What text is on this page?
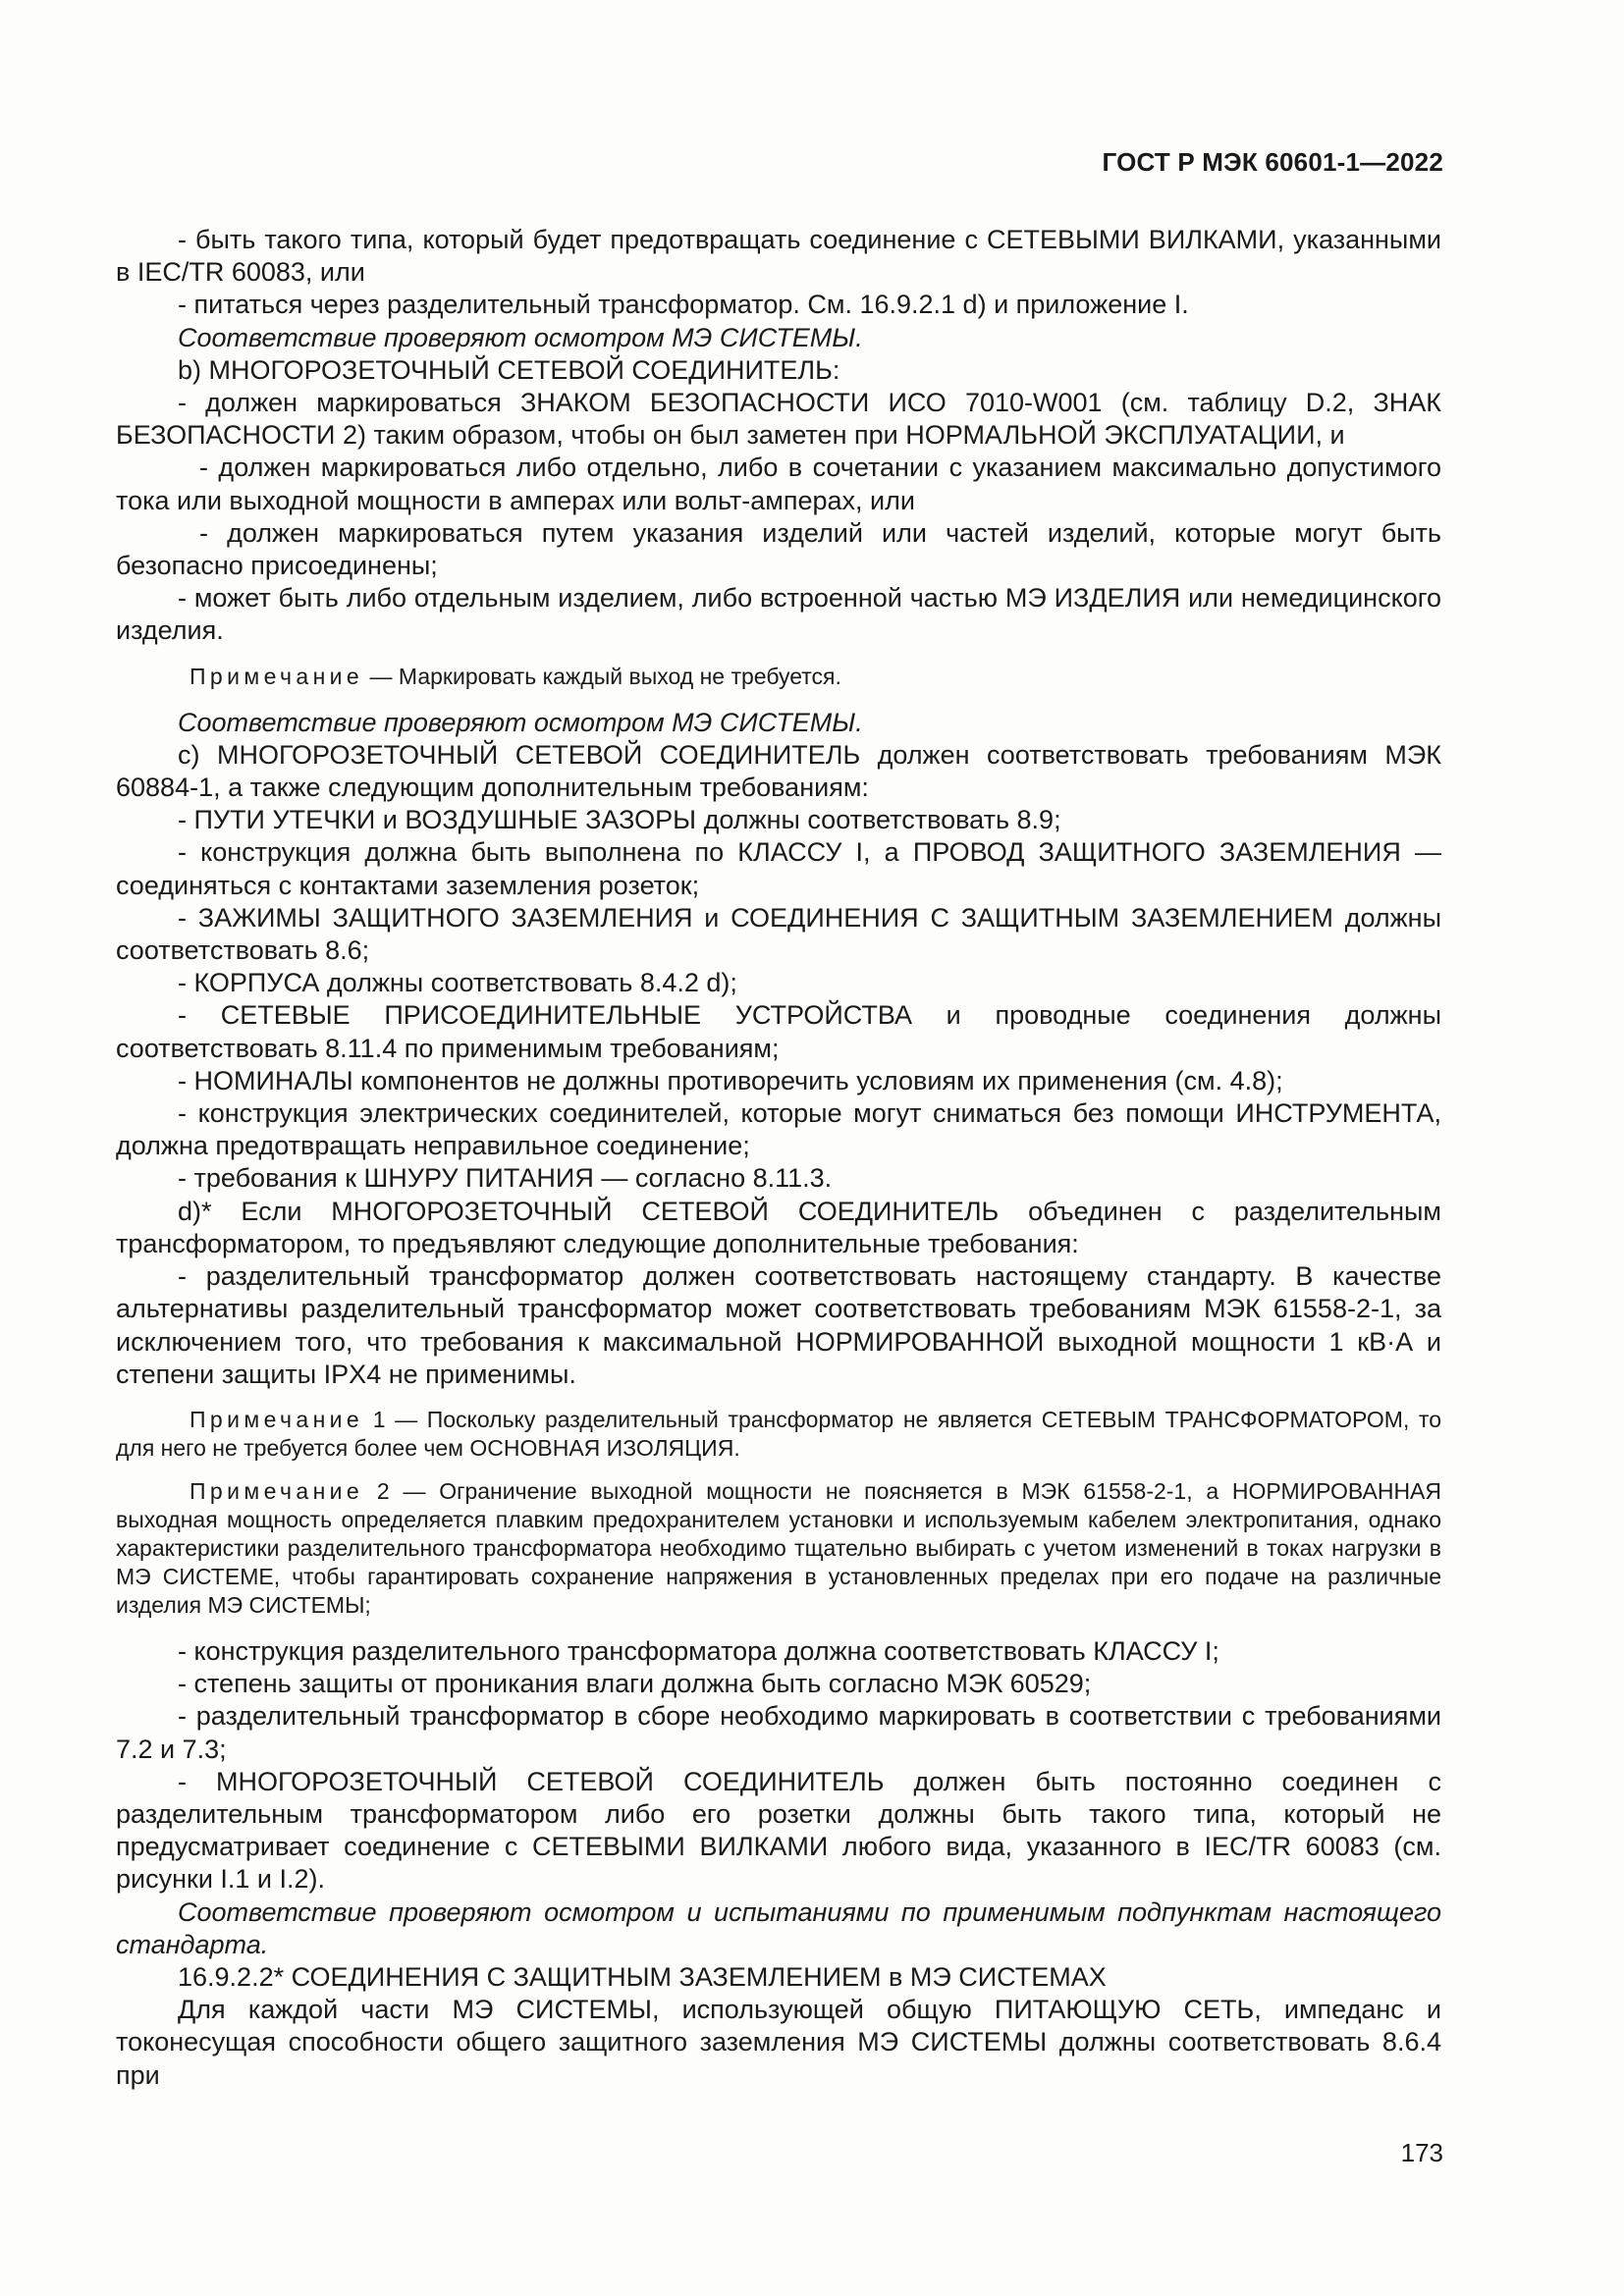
ГОСТ Р МЭК 60601-1—2022

- быть такого типа, который будет предотвращать соединение с СЕТЕВЫМИ ВИЛКАМИ, указанными в IEC/TR 60083, или

- питаться через разделительный трансформатор. См. 16.9.2.1 d) и приложение I.

Соответствие проверяют осмотром МЭ СИСТЕМЫ.

b) МНОГОРОЗЕТОЧНЫЙ СЕТЕВОЙ СОЕДИНИТЕЛЬ:

- должен маркироваться ЗНАКОМ БЕЗОПАСНОСТИ ИСО 7010-W001 (см. таблицу D.2, ЗНАК БЕЗОПАСНОСТИ 2) таким образом, чтобы он был заметен при НОРМАЛЬНОЙ ЭКСПЛУАТАЦИИ, и

- должен маркироваться либо отдельно, либо в сочетании с указанием максимально допустимого тока или выходной мощности в амперах или вольт-амперах, или

- должен маркироваться путем указания изделий или частей изделий, которые могут быть безопасно присоединены;

- может быть либо отдельным изделием, либо встроенной частью МЭ ИЗДЕЛИЯ или немедицинского изделия.

Примечание — Маркировать каждый выход не требуется.

Соответствие проверяют осмотром МЭ СИСТЕМЫ.

c) МНОГОРОЗЕТОЧНЫЙ СЕТЕВОЙ СОЕДИНИТЕЛЬ должен соответствовать требованиям МЭК 60884-1, а также следующим дополнительным требованиям:

- ПУТИ УТЕЧКИ и ВОЗДУШНЫЕ ЗАЗОРЫ должны соответствовать 8.9;

- конструкция должна быть выполнена по КЛАССУ I, а ПРОВОД ЗАЩИТНОГО ЗАЗЕМЛЕНИЯ — соединяться с контактами заземления розеток;

- ЗАЖИМЫ ЗАЩИТНОГО ЗАЗЕМЛЕНИЯ и СОЕДИНЕНИЯ С ЗАЩИТНЫМ ЗАЗЕМЛЕНИЕМ должны соответствовать 8.6;

- КОРПУСА должны соответствовать 8.4.2 d);

- СЕТЕВЫЕ ПРИСОЕДИНИТЕЛЬНЫЕ УСТРОЙСТВА и проводные соединения должны соответствовать 8.11.4 по применимым требованиям;

- НОМИНАЛЫ компонентов не должны противоречить условиям их применения (см. 4.8);

- конструкция электрических соединителей, которые могут сниматься без помощи ИНСТРУМЕНТА, должна предотвращать неправильное соединение;

- требования к ШНУРУ ПИТАНИЯ — согласно 8.11.3.

d)* Если МНОГОРОЗЕТОЧНЫЙ СЕТЕВОЙ СОЕДИНИТЕЛЬ объединен с разделительным трансформатором, то предъявляют следующие дополнительные требования:

- разделительный трансформатор должен соответствовать настоящему стандарту. В качестве альтернативы разделительный трансформатор может соответствовать требованиям МЭК 61558-2-1, за исключением того, что требования к максимальной НОРМИРОВАННОЙ выходной мощности 1 кВ·А и степени защиты IPX4 не применимы.

Примечание 1 — Поскольку разделительный трансформатор не является СЕТЕВЫМ ТРАНСФОРМАТОРОМ, то для него не требуется более чем ОСНОВНАЯ ИЗОЛЯЦИЯ.

Примечание 2 — Ограничение выходной мощности не поясняется в МЭК 61558-2-1, а НОРМИРОВАННАЯ выходная мощность определяется плавким предохранителем установки и используемым кабелем электропитания, однако характеристики разделительного трансформатора необходимо тщательно выбирать с учетом изменений в токах нагрузки в МЭ СИСТЕМЕ, чтобы гарантировать сохранение напряжения в установленных пределах при его подаче на различные изделия МЭ СИСТЕМЫ;

- конструкция разделительного трансформатора должна соответствовать КЛАССУ I;

- степень защиты от проникания влаги должна быть согласно МЭК 60529;

- разделительный трансформатор в сборе необходимо маркировать в соответствии с требованиями 7.2 и 7.3;

- МНОГОРОЗЕТОЧНЫЙ СЕТЕВОЙ СОЕДИНИТЕЛЬ должен быть постоянно соединен с разделительным трансформатором либо его розетки должны быть такого типа, который не предусматривает соединение с СЕТЕВЫМИ ВИЛКАМИ любого вида, указанного в IEC/TR 60083 (см. рисунки I.1 и I.2).

Соответствие проверяют осмотром и испытаниями по применимым подпунктам настоящего стандарта.

16.9.2.2* СОЕДИНЕНИЯ С ЗАЩИТНЫМ ЗАЗЕМЛЕНИЕМ в МЭ СИСТЕМАХ

Для каждой части МЭ СИСТЕМЫ, использующей общую ПИТАЮЩУЮ СЕТЬ, импеданс и токонесущая способности общего защитного заземления МЭ СИСТЕМЫ должны соответствовать 8.6.4 при

173
